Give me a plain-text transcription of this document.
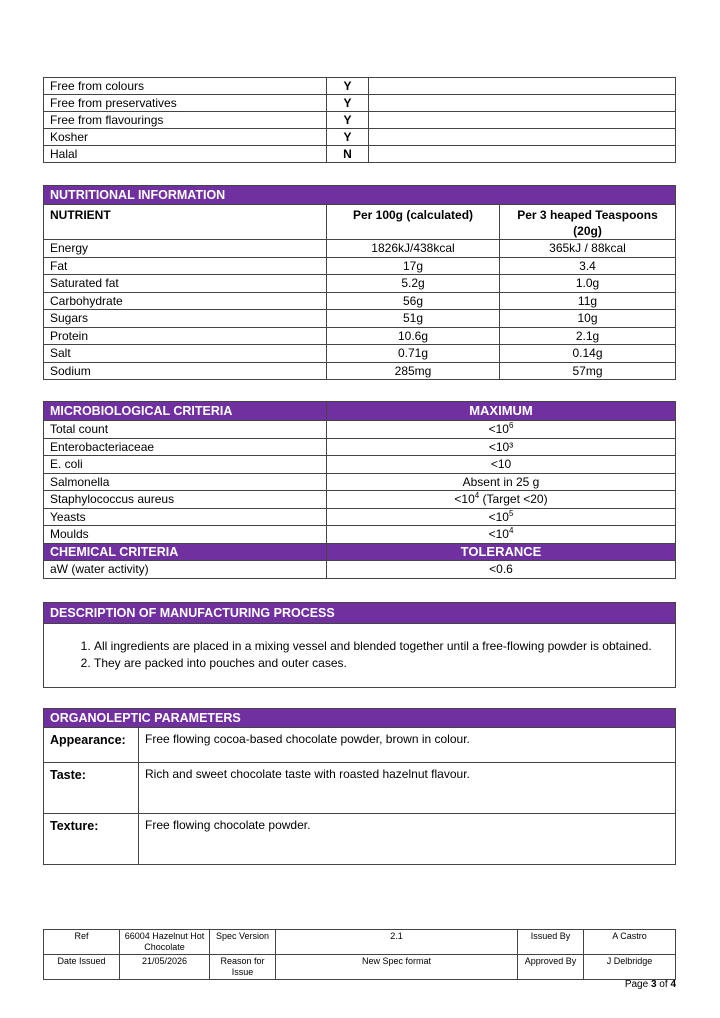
Free from colours	Y	
Free from preservatives	Y	
Free from flavourings	Y	
Kosher	Y	
Halal	N	
NUTRITIONAL INFORMATION		
NUTRIENT	Per 100g (calculated)	Per 3 heaped Teaspoons (20g)
Energy	1826kJ/438kcal	365kJ / 88kcal
Fat	17g	3.4
Saturated fat	5.2g	1.0g
Carbohydrate	56g	11g
Sugars	51g	10g
Protein	10.6g	2.1g
Salt	0.71g	0.14g
Sodium	285mg	57mg
MICROBIOLOGICAL CRITERIA	MAXIMUM
Total count	$<10^6$
Enterobacteriaceae	<10³
E. coli	<10
Salmonella	Absent in 25 g
Staphylococcus aureus	$<10^4$ (Target <20)
Yeasts	$<10^5$
Moulds	$<10^4$
CHEMICAL CRITERIA	TOLERANCE
aW (water activity)	<0.6
DESCRIPTION OF MANUFACTURING PROCESS
1. All ingredients are placed in a mixing vessel and blended together until a free-flowing powder is obtained.
2. They are packed into pouches and outer cases.
ORGANOLEPTIC PARAMETERS	
Appearance:	Free flowing cocoa-based chocolate powder, brown in colour.
Taste:	Rich and sweet chocolate taste with roasted hazelnut flavour.
Texture:	Free flowing chocolate powder.
Ref	66004 Hazelnut Hot Chocolate	Spec Version	2.1	Issued By	A Castro
Date Issued	21/05/2026	Reason for Issue	New Spec format	Approved By	J Delbridge
Page 3 of 4
